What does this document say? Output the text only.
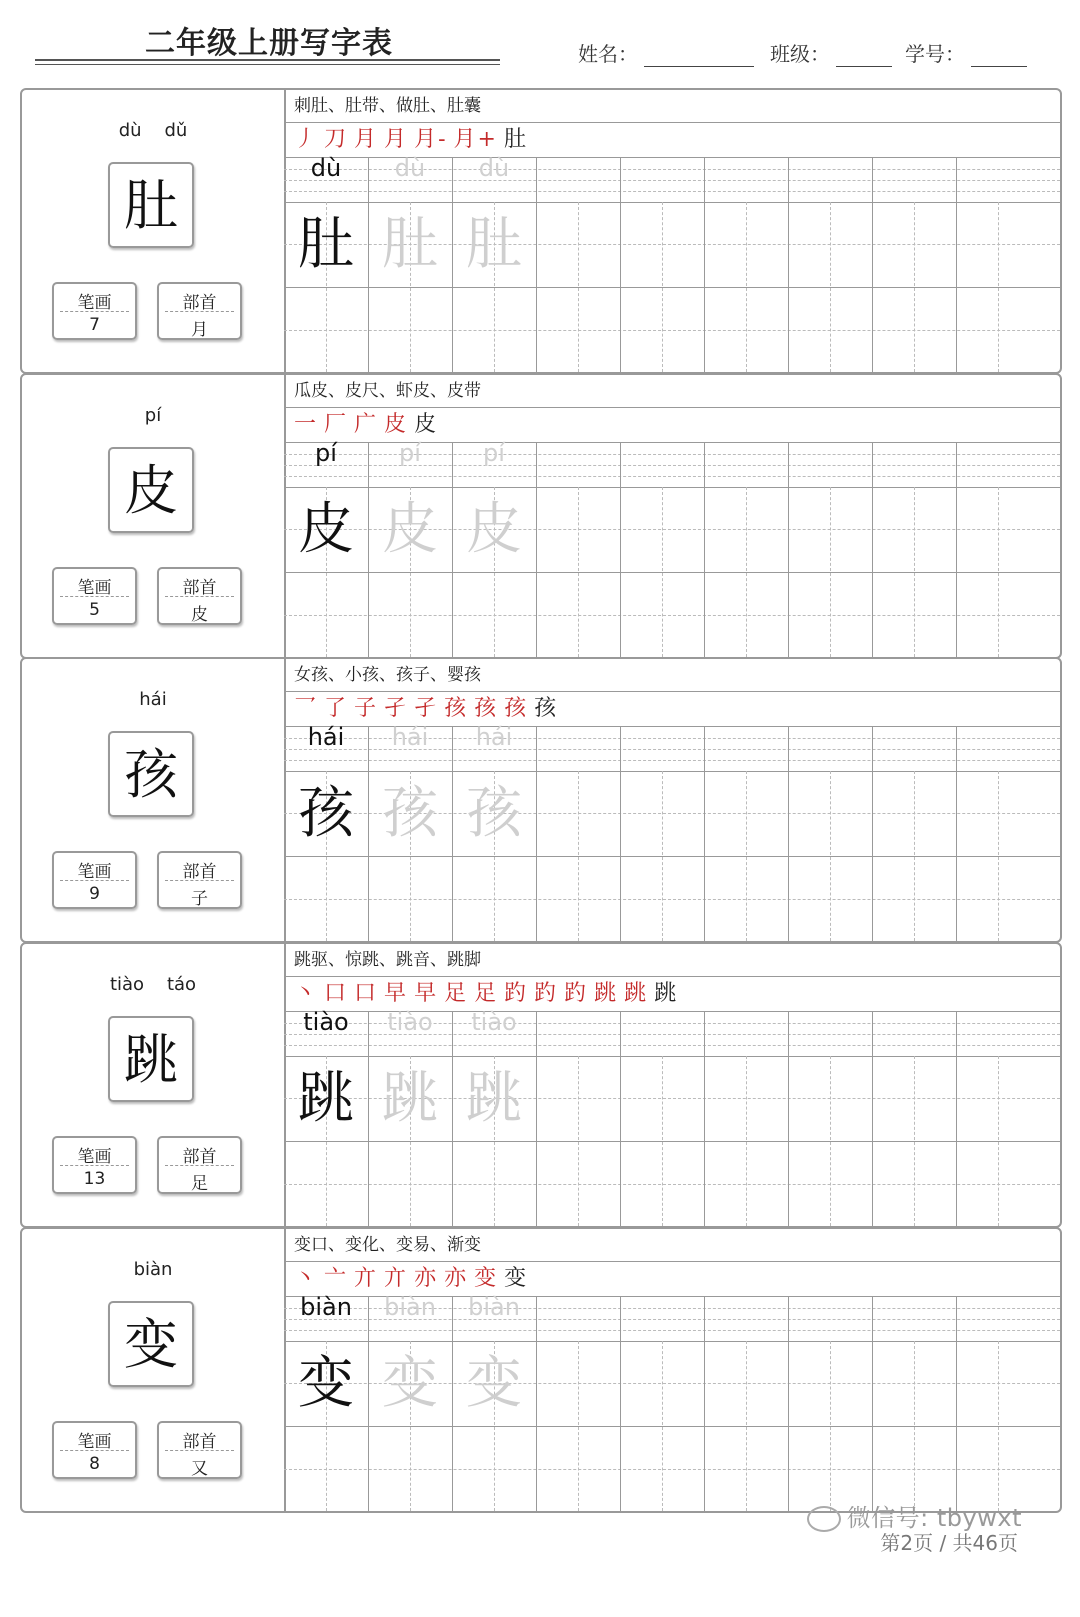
二年级上册写字表	姓名：	班级：	学号：
dù    dǔ
肚
笔画
7
部首
月
刺肚、肚带、做肚、肚囊
丿 刀 月 月 月- 月+ 肚
dù
肚
dù
肚
dù
肚
pí
皮
笔画
5
部首
皮
瓜皮、皮尺、虾皮、皮带
一 厂 广 皮 皮
pí
皮
pí
皮
pí
皮
hái
孩
笔画
9
部首
子
女孩、小孩、孩子、婴孩
乛 了 子 孑 孑 孩 孩 孩 孩
hái
孩
hái
孩
hái
孩
tiào    táo
跳
笔画
13
部首
足
跳驱、惊跳、跳音、跳脚
丶 口 口 早 早 足 足 趵 趵 趵 跳 跳 跳
tiào
跳
tiào
跳
tiào
跳
biàn
变
笔画
8
部首
又
变口、变化、变易、渐变
丶 亠 亣 亣 亦 亦 变 变
biàn
变
biàn
变
biàn
变
微信号: tbywxt
第2页 / 共46页
